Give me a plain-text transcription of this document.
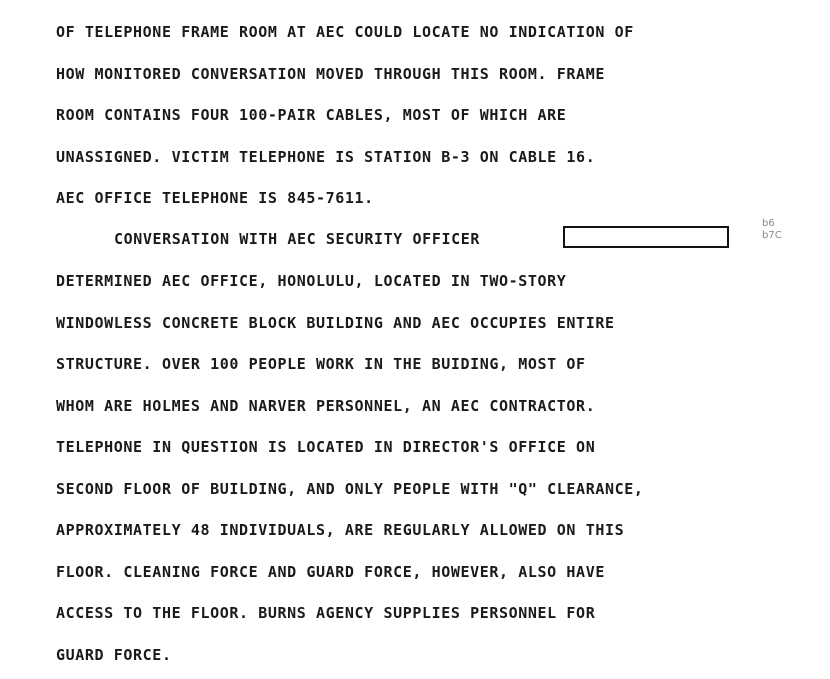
OF TELEPHONE FRAME ROOM AT AEC COULD LOCATE NO INDICATION OF
HOW MONITORED CONVERSATION MOVED THROUGH THIS ROOM. FRAME
ROOM CONTAINS FOUR 100-PAIR CABLES, MOST OF WHICH ARE
UNASSIGNED. VICTIM TELEPHONE IS STATION B-3 ON CABLE 16.
AEC OFFICE TELEPHONE IS 845-7611.
CONVERSATION WITH AEC SECURITY OFFICER
b6
b7C
DETERMINED AEC OFFICE, HONOLULU, LOCATED IN TWO-STORY
WINDOWLESS CONCRETE BLOCK BUILDING AND AEC OCCUPIES ENTIRE
STRUCTURE. OVER 100 PEOPLE WORK IN THE BUIDING, MOST OF
WHOM ARE HOLMES AND NARVER PERSONNEL, AN AEC CONTRACTOR.
TELEPHONE IN QUESTION IS LOCATED IN DIRECTOR'S OFFICE ON
SECOND FLOOR OF BUILDING, AND ONLY PEOPLE WITH "Q" CLEARANCE,
APPROXIMATELY 48 INDIVIDUALS, ARE REGULARLY ALLOWED ON THIS
FLOOR. CLEANING FORCE AND GUARD FORCE, HOWEVER, ALSO HAVE
ACCESS TO THE FLOOR. BURNS AGENCY SUPPLIES PERSONNEL FOR
GUARD FORCE.
